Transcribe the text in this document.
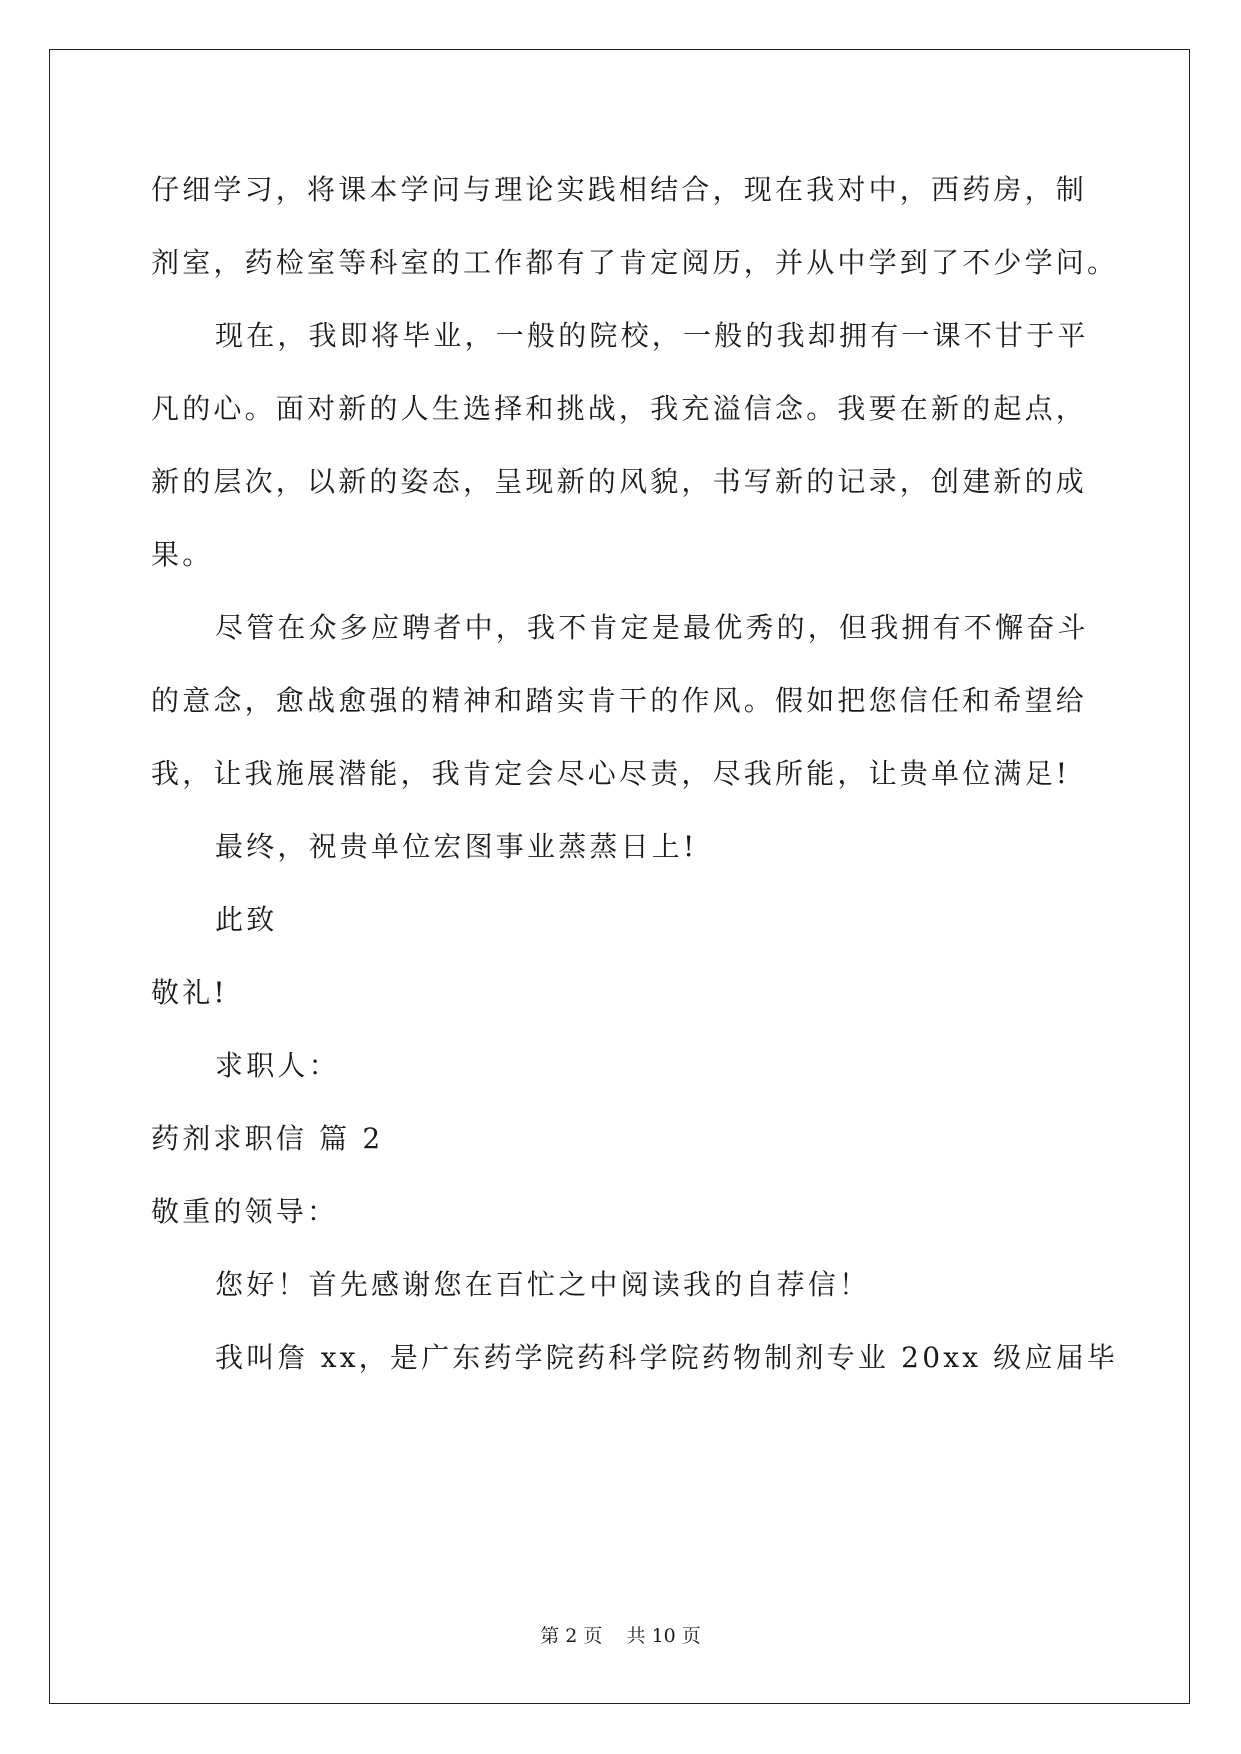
仔细学习，将课本学问与理论实践相结合，现在我对中，西药房，制
剂室，药检室等科室的工作都有了肯定阅历，并从中学到了不少学问。
现在，我即将毕业，一般的院校，一般的我却拥有一课不甘于平
凡的心。面对新的人生选择和挑战，我充溢信念。我要在新的起点，
新的层次，以新的姿态，呈现新的风貌，书写新的记录，创建新的成
果。
尽管在众多应聘者中，我不肯定是最优秀的，但我拥有不懈奋斗
的意念，愈战愈强的精神和踏实肯干的作风。假如把您信任和希望给
我，让我施展潜能，我肯定会尽心尽责，尽我所能，让贵单位满足!
最终，祝贵单位宏图事业蒸蒸日上!
此致
敬礼!
求职人：
药剂求职信 篇 2
敬重的领导：
您好！首先感谢您在百忙之中阅读我的自荐信！
我叫詹 xx，是广东药学院药科学院药物制剂专业 20xx 级应届毕
第 2 页    共 10 页
